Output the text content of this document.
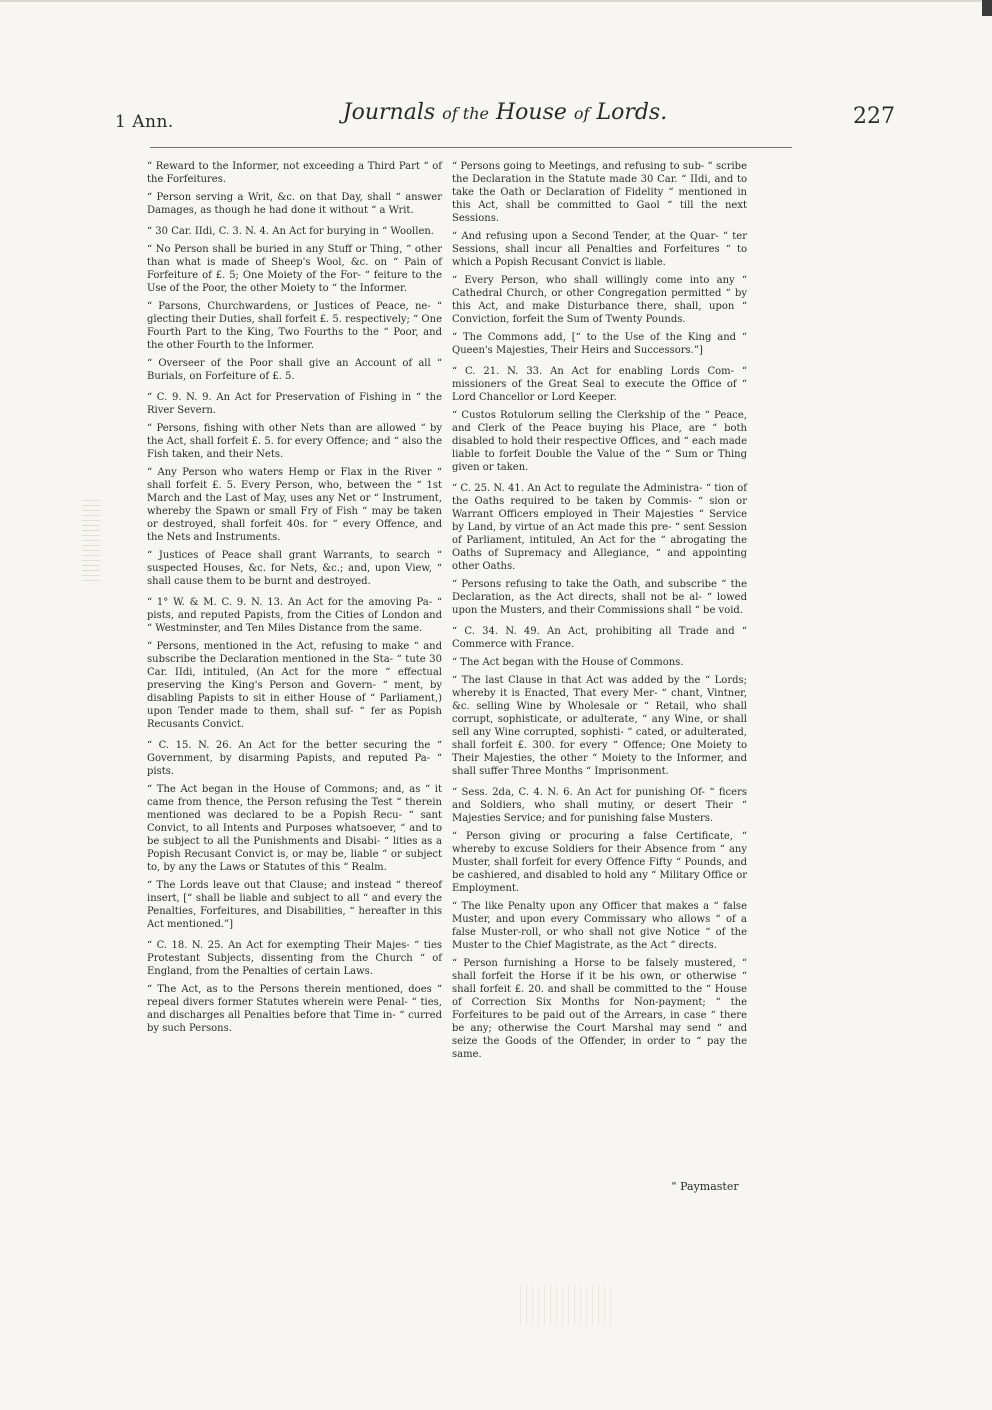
1 Ann.	Journals of the House of Lords.	227

“ Reward to the Informer, not exceeding a Third Part “ of the Forfeitures.

“ Person serving a Writ, &c. on that Day, shall “ answer Damages, as though he had done it without “ a Writ.

“ 30 Car. IIdi, C. 3. N. 4. An Act for burying in “ Woollen.

“ No Person shall be buried in any Stuff or Thing, “ other than what is made of Sheep's Wool, &c. on “ Pain of Forfeiture of £. 5; One Moiety of the For- “ feiture to the Use of the Poor, the other Moiety to “ the Informer.

“ Parsons, Churchwardens, or Justices of Peace, ne- “ glecting their Duties, shall forfeit £. 5. respectively; “ One Fourth Part to the King, Two Fourths to the “ Poor, and the other Fourth to the Informer.

“ Overseer of the Poor shall give an Account of all “ Burials, on Forfeiture of £. 5.

“ C. 9. N. 9. An Act for Preservation of Fishing in “ the River Severn.

“ Persons, fishing with other Nets than are allowed “ by the Act, shall forfeit £. 5. for every Offence; and “ also the Fish taken, and their Nets.

“ Any Person who waters Hemp or Flax in the River “ shall forfeit £. 5. Every Person, who, between the “ 1st March and the Last of May, uses any Net or “ Instrument, whereby the Spawn or small Fry of Fish “ may be taken or destroyed, shall forfeit 40s. for “ every Offence, and the Nets and Instruments.

“ Justices of Peace shall grant Warrants, to search “ suspected Houses, &c. for Nets, &c.; and, upon View, “ shall cause them to be burnt and destroyed.

“ 1° W. & M. C. 9. N. 13. An Act for the amoving Pa- “ pists, and reputed Papists, from the Cities of London and “ Westminster, and Ten Miles Distance from the same.

“ Persons, mentioned in the Act, refusing to make “ and subscribe the Declaration mentioned in the Sta- “ tute 30 Car. IIdi, intituled, (An Act for the more “ effectual preserving the King's Person and Govern- “ ment, by disabling Papists to sit in either House of “ Parliament,) upon Tender made to them, shall suf- “ fer as Popish Recusants Convict.

“ C. 15. N. 26. An Act for the better securing the “ Government, by disarming Papists, and reputed Pa- “ pists.

“ The Act began in the House of Commons; and, as “ it came from thence, the Person refusing the Test “ therein mentioned was declared to be a Popish Recu- “ sant Convict, to all Intents and Purposes whatsoever, “ and to be subject to all the Punishments and Disabi- “ lities as a Popish Recusant Convict is, or may be, liable “ or subject to, by any the Laws or Statutes of this “ Realm.

“ The Lords leave out that Clause; and instead “ thereof insert, [“ shall be liable and subject to all “ and every the Penalties, Forfeitures, and Disabilities, “ hereafter in this Act mentioned.”]

“ C. 18. N. 25. An Act for exempting Their Majes- “ ties Protestant Subjects, dissenting from the Church “ of England, from the Penalties of certain Laws.

“ The Act, as to the Persons therein mentioned, does “ repeal divers former Statutes wherein were Penal- “ ties, and discharges all Penalties before that Time in- “ curred by such Persons.

“ Persons going to Meetings, and refusing to sub- “ scribe the Declaration in the Statute made 30 Car. “ IIdi, and to take the Oath or Declaration of Fidelity “ mentioned in this Act, shall be committed to Gaol “ till the next Sessions.

“ And refusing upon a Second Tender, at the Quar- “ ter Sessions, shall incur all Penalties and Forfeitures “ to which a Popish Recusant Convict is liable.

“ Every Person, who shall willingly come into any “ Cathedral Church, or other Congregation permitted “ by this Act, and make Disturbance there, shall, upon “ Conviction, forfeit the Sum of Twenty Pounds.

“ The Commons add, [“ to the Use of the King and “ Queen's Majesties, Their Heirs and Successors.”]

“ C. 21. N. 33. An Act for enabling Lords Com- “ missioners of the Great Seal to execute the Office of “ Lord Chancellor or Lord Keeper.

“ Custos Rotulorum selling the Clerkship of the “ Peace, and Clerk of the Peace buying his Place, are “ both disabled to hold their respective Offices, and “ each made liable to forfeit Double the Value of the “ Sum or Thing given or taken.

“ C. 25. N. 41. An Act to regulate the Administra- “ tion of the Oaths required to be taken by Commis- “ sion or Warrant Officers employed in Their Majesties “ Service by Land, by virtue of an Act made this pre- “ sent Session of Parliament, intituled, An Act for the “ abrogating the Oaths of Supremacy and Allegiance, “ and appointing other Oaths.

“ Persons refusing to take the Oath, and subscribe “ the Declaration, as the Act directs, shall not be al- “ lowed upon the Musters, and their Commissions shall “ be void.

“ C. 34. N. 49. An Act, prohibiting all Trade and “ Commerce with France.

“ The Act began with the House of Commons.

“ The last Clause in that Act was added by the “ Lords; whereby it is Enacted, That every Mer- “ chant, Vintner, &c. selling Wine by Wholesale or “ Retail, who shall corrupt, sophisticate, or adulterate, “ any Wine, or shall sell any Wine corrupted, sophisti- “ cated, or adulterated, shall forfeit £. 300. for every “ Offence; One Moiety to Their Majesties, the other “ Moiety to the Informer, and shall suffer Three Months “ Imprisonment.

“ Sess. 2da, C. 4. N. 6. An Act for punishing Of- “ ficers and Soldiers, who shall mutiny, or desert Their “ Majesties Service; and for punishing false Musters.

“ Person giving or procuring a false Certificate, “ whereby to excuse Soldiers for their Absence from “ any Muster, shall forfeit for every Offence Fifty “ Pounds, and be cashiered, and disabled to hold any “ Military Office or Employment.

“ The like Penalty upon any Officer that makes a “ false Muster, and upon every Commissary who allows “ of a false Muster-roll, or who shall not give Notice “ of the Muster to the Chief Magistrate, as the Act “ directs.

“ Person furnishing a Horse to be falsely mustered, “ shall forfeit the Horse if it be his own, or otherwise “ shall forfeit £. 20. and shall be committed to the “ House of Correction Six Months for Non-payment; “ the Forfeitures to be paid out of the Arrears, in case “ there be any; otherwise the Court Marshal may send “ and seize the Goods of the Offender, in order to “ pay the same.

“ Paymaster
